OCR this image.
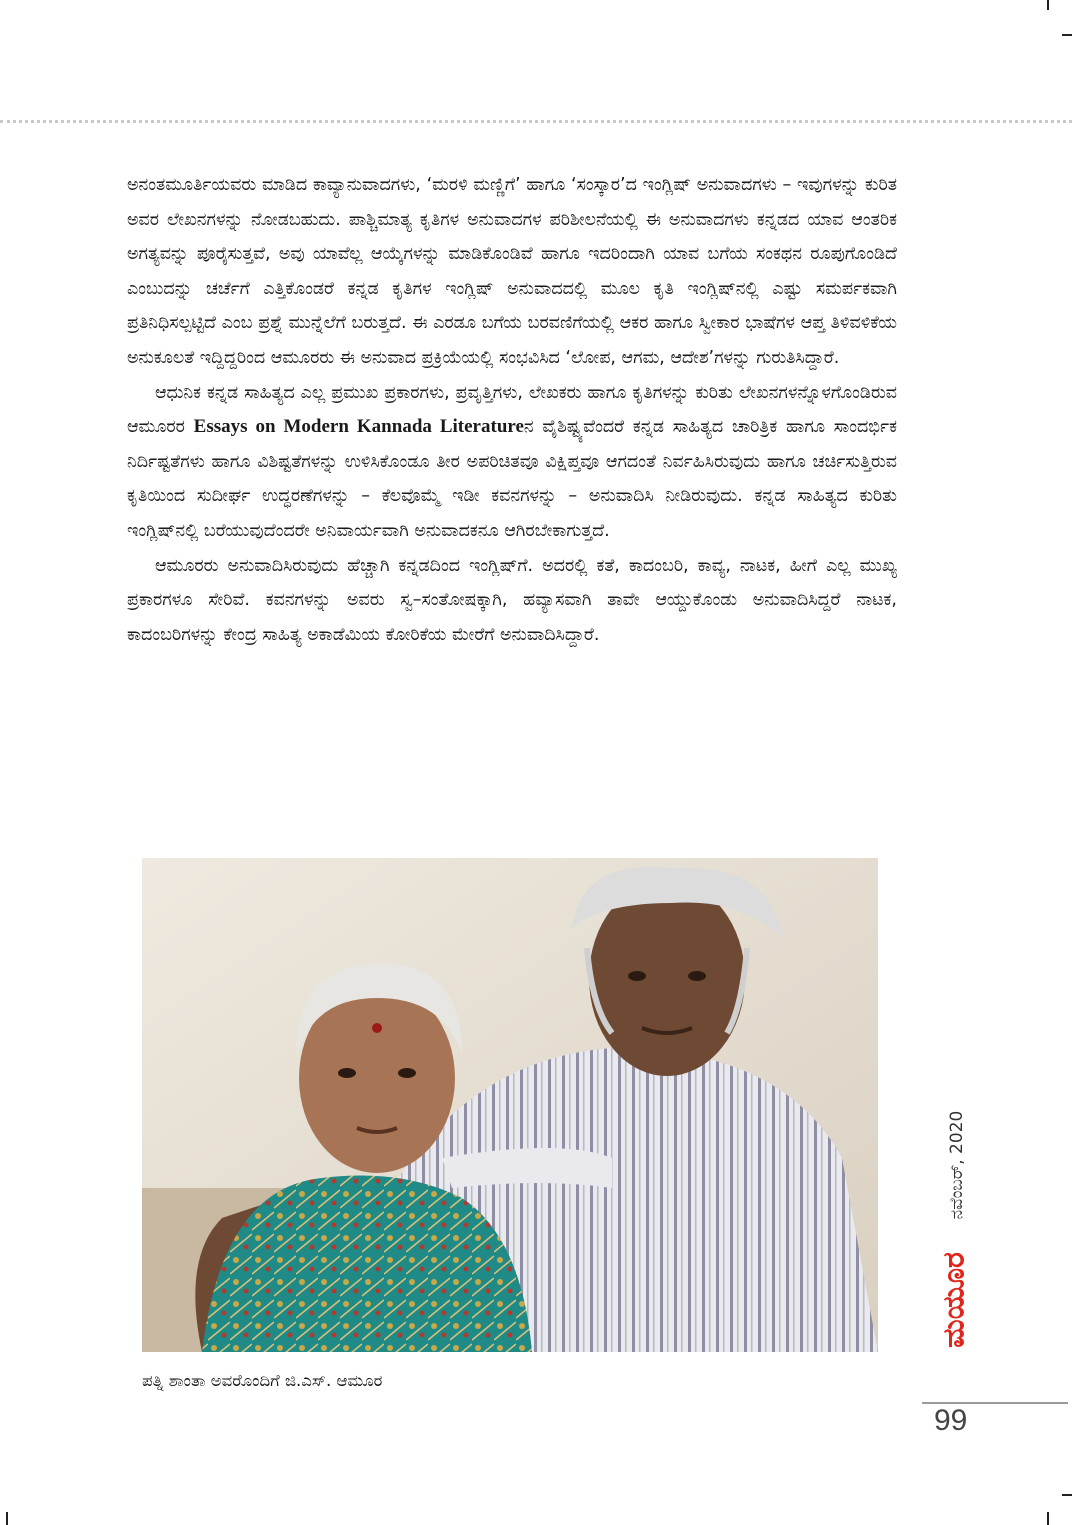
ಅನಂತಮೂರ್ತಿಯವರು ಮಾಡಿದ ಕಾವ್ಯಾನುವಾದಗಳು, ‘ಮರಳಿ ಮಣ್ಣಿಗೆ’ ಹಾಗೂ ‘ಸಂಸ್ಕಾರ’ದ ಇಂಗ್ಲಿಷ್ ಅನುವಾದಗಳು – ಇವುಗಳನ್ನು ಕುರಿತ ಅವರ ಲೇಖನಗಳನ್ನು ನೋಡಬಹುದು. ಪಾಶ್ಚಿಮಾತ್ಯ ಕೃತಿಗಳ ಅನುವಾದಗಳ ಪರಿಶೀಲನೆಯಲ್ಲಿ ಈ ಅನುವಾದಗಳು ಕನ್ನಡದ ಯಾವ ಆಂತರಿಕ ಅಗತ್ಯವನ್ನು ಪೂರೈಸುತ್ತವೆ, ಅವು ಯಾವೆಲ್ಲ ಆಯ್ಕೆಗಳನ್ನು ಮಾಡಿಕೊಂಡಿವೆ ಹಾಗೂ ಇದರಿಂದಾಗಿ ಯಾವ ಬಗೆಯ ಸಂಕಥನ ರೂಪುಗೊಂಡಿದೆ ಎಂಬುದನ್ನು ಚರ್ಚೆಗೆ ಎತ್ತಿಕೊಂಡರೆ ಕನ್ನಡ ಕೃತಿಗಳ ಇಂಗ್ಲಿಷ್ ಅನುವಾದದಲ್ಲಿ ಮೂಲ ಕೃತಿ ಇಂಗ್ಲಿಷ್‌ನಲ್ಲಿ ಎಷ್ಟು ಸಮರ್ಪಕವಾಗಿ ಪ್ರತಿನಿಧಿಸಲ್ಪಟ್ಟಿದೆ ಎಂಬ ಪ್ರಶ್ನೆ ಮುನ್ನೆಲೆಗೆ ಬರುತ್ತದೆ. ಈ ಎರಡೂ ಬಗೆಯ ಬರವಣಿಗೆಯಲ್ಲಿ ಆಕರ ಹಾಗೂ ಸ್ವೀಕಾರ ಭಾಷೆಗಳ ಆಪ್ತ ತಿಳಿವಳಿಕೆಯ ಅನುಕೂಲತೆ ಇದ್ದಿದ್ದರಿಂದ ಆಮೂರರು ಈ ಅನುವಾದ ಪ್ರಕ್ರಿಯೆಯಲ್ಲಿ ಸಂಭವಿಸಿದ ‘ಲೋಪ, ಆಗಮ, ಆದೇಶ’ಗಳನ್ನು ಗುರುತಿಸಿದ್ದಾರೆ.

ಆಧುನಿಕ ಕನ್ನಡ ಸಾಹಿತ್ಯದ ಎಲ್ಲ ಪ್ರಮುಖ ಪ್ರಕಾರಗಳು, ಪ್ರವೃತ್ತಿಗಳು, ಲೇಖಕರು ಹಾಗೂ ಕೃತಿಗಳನ್ನು ಕುರಿತು ಲೇಖನಗಳನ್ನೊಳಗೊಂಡಿರುವ ಆಮೂರರ Essays on Modern Kannada Literatureನ ವೈಶಿಷ್ಟ್ಯವೆಂದರೆ ಕನ್ನಡ ಸಾಹಿತ್ಯದ ಚಾರಿತ್ರಿಕ ಹಾಗೂ ಸಾಂದರ್ಭಿಕ ನಿರ್ದಿಷ್ಟತೆಗಳು ಹಾಗೂ ವಿಶಿಷ್ಟತೆಗಳನ್ನು ಉಳಿಸಿಕೊಂಡೂ ತೀರ ಅಪರಿಚಿತವೂ ವಿಕ್ಷಿಪ್ತವೂ ಆಗದಂತೆ ನಿರ್ವಹಿಸಿರುವುದು ಹಾಗೂ ಚರ್ಚಿಸುತ್ತಿರುವ ಕೃತಿಯಿಂದ ಸುದೀರ್ಘ ಉದ್ಧರಣೆಗಳನ್ನು – ಕೆಲವೊಮ್ಮೆ ಇಡೀ ಕವನಗಳನ್ನು – ಅನುವಾದಿಸಿ ನೀಡಿರುವುದು. ಕನ್ನಡ ಸಾಹಿತ್ಯದ ಕುರಿತು ಇಂಗ್ಲಿಷ್‌ನಲ್ಲಿ ಬರೆಯುವುದೆಂದರೇ ಅನಿವಾರ್ಯವಾಗಿ ಅನುವಾದಕನೂ ಆಗಿರಬೇಕಾಗುತ್ತದೆ.

ಆಮೂರರು ಅನುವಾದಿಸಿರುವುದು ಹೆಚ್ಚಾಗಿ ಕನ್ನಡದಿಂದ ಇಂಗ್ಲಿಷ್‌ಗೆ. ಅದರಲ್ಲಿ ಕತೆ, ಕಾದಂಬರಿ, ಕಾವ್ಯ, ನಾಟಕ, ಹೀಗೆ ಎಲ್ಲ ಮುಖ್ಯ ಪ್ರಕಾರಗಳೂ ಸೇರಿವೆ. ಕವನಗಳನ್ನು ಅವರು ಸ್ವ–ಸಂತೋಷಕ್ಕಾಗಿ, ಹವ್ಯಾಸವಾಗಿ ತಾವೇ ಆಯ್ದುಕೊಂಡು ಅನುವಾದಿಸಿದ್ದರೆ ನಾಟಕ, ಕಾದಂಬರಿಗಳನ್ನು ಕೇಂದ್ರ ಸಾಹಿತ್ಯ ಅಕಾಡೆಮಿಯ ಕೋರಿಕೆಯ ಮೇರೆಗೆ ಅನುವಾದಿಸಿದ್ದಾರೆ.

ಪತ್ನಿ ಶಾಂತಾ ಅವರೊಂದಿಗೆ ಜಿ.ಎಸ್. ಆಮೂರ
ನವೆಂಬರ್, 2020
ಮಯೂರ
99
